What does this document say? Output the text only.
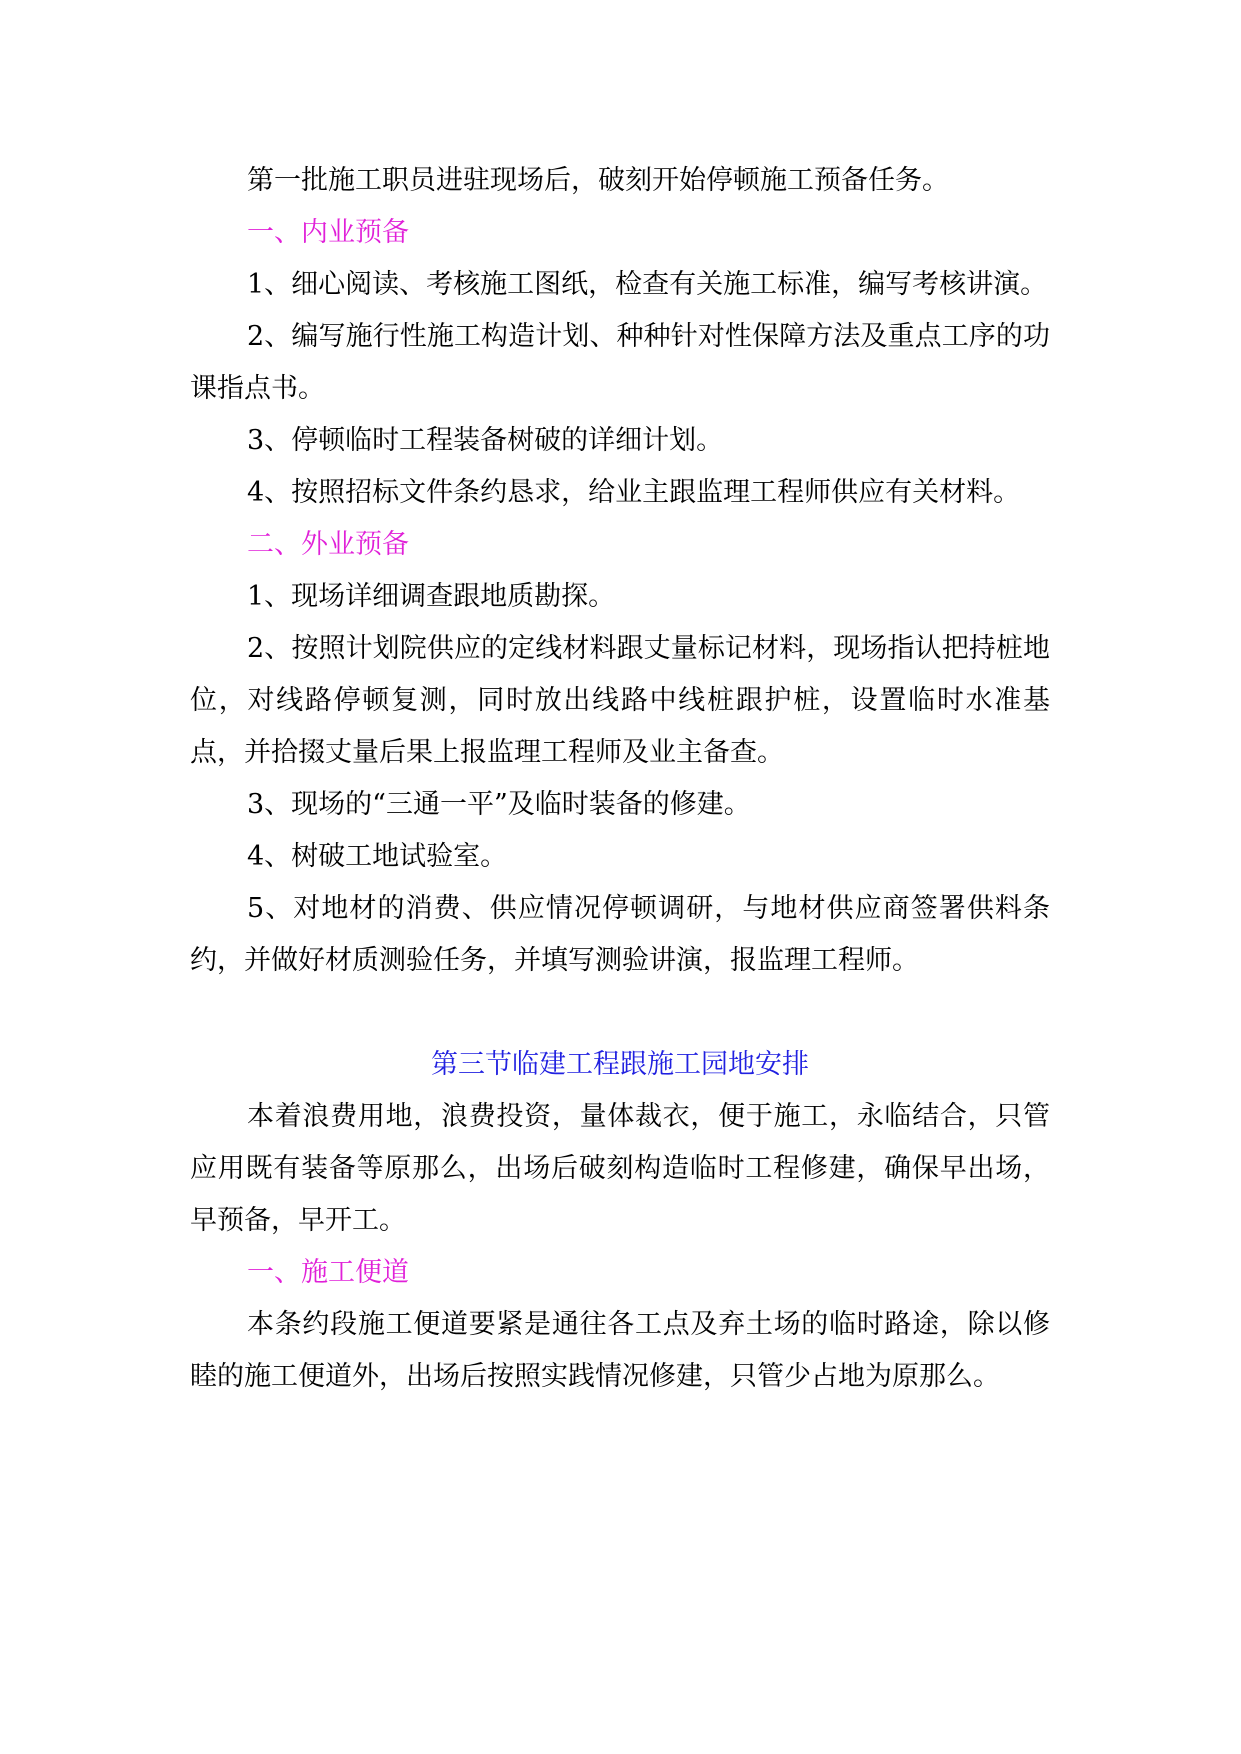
第一批施工职员进驻现场后，破刻开始停顿施工预备任务。

一、内业预备

1、细心阅读、考核施工图纸，检查有关施工标准，编写考核讲演。

2、编写施行性施工构造计划、种种针对性保障方法及重点工序的功课指点书。

3、停顿临时工程装备树破的详细计划。

4、按照招标文件条约恳求，给业主跟监理工程师供应有关材料。

二、外业预备

1、现场详细调查跟地质勘探。

2、按照计划院供应的定线材料跟丈量标记材料，现场指认把持桩地位，对线路停顿复测，同时放出线路中线桩跟护桩，设置临时水准基点，并拾掇丈量后果上报监理工程师及业主备查。

3、现场的“三通一平”及临时装备的修建。

4、树破工地试验室。

5、对地材的消费、供应情况停顿调研，与地材供应商签署供料条约，并做好材质测验任务，并填写测验讲演，报监理工程师。

第三节临建工程跟施工园地安排

本着浪费用地，浪费投资，量体裁衣，便于施工，永临结合，只管应用既有装备等原那么，出场后破刻构造临时工程修建，确保早出场，早预备，早开工。

一、施工便道

本条约段施工便道要紧是通往各工点及弃土场的临时路途，除以修睦的施工便道外，出场后按照实践情况修建，只管少占地为原那么。
